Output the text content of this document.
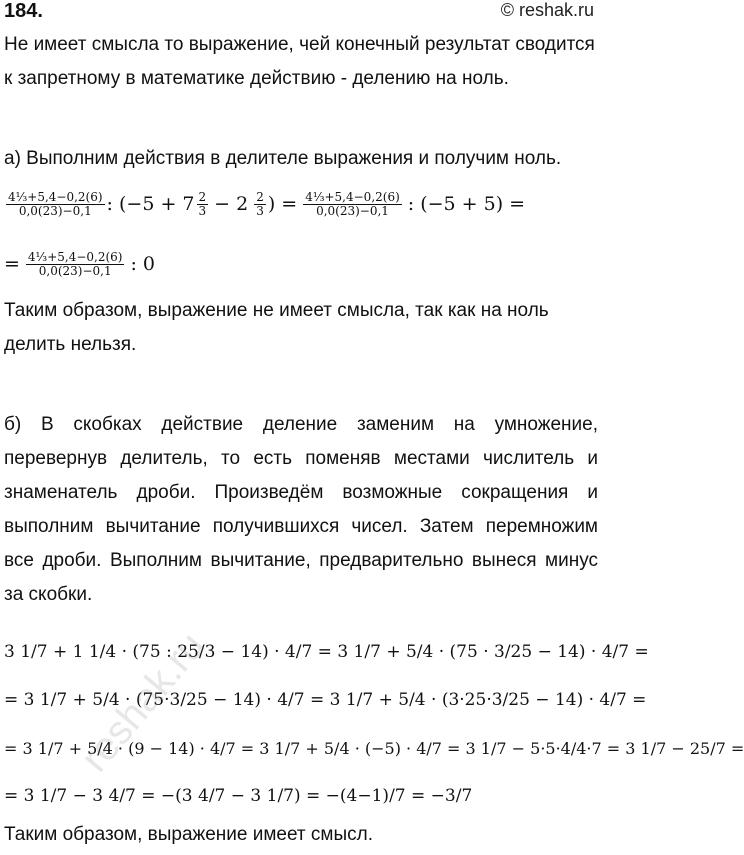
184.	© reshak.ru
Не имеет смысла то выражение, чей конечный результат сводится к запретному в математике действию - делению на ноль.
а) Выполним действия в делителе выражения и получим ноль.
$\frac{\text{4⅓+5,4−0,2(6)}}{0,0(23)-0,1}$ : (−5 + 7 2
3 − 2 2
3 ) = $\frac{\text{4⅓+5,4−0,2(6)}}{0,0(23)-0,1}$ : (−5 + 5) =
= $\frac{\text{4⅓+5,4−0,2(6)}}{0,0(23)-0,1}$ : 0
Таким образом, выражение не имеет смысла, так как на ноль делить нельзя.
б) В скобках действие деление заменим на умножение, перевернув делитель, то есть поменяв местами числитель и знаменатель дроби. Произведём возможные сокращения и выполним вычитание получившихся чисел. Затем перемножим все дроби. Выполним вычитание, предварительно вынеся минус за скобки.
3 1/7 + 1 1/4 · (75 : 25/3 − 14) · 4/7 = 3 1/7 + 5/4 · (75 · 3/25 − 14) · 4/7 =
= 3 1/7 + 5/4 · (75·3/25 − 14) · 4/7 = 3 1/7 + 5/4 · (3·25·3/25 − 14) · 4/7 =
= 3 1/7 + 5/4 · (9 − 14) · 4/7 = 3 1/7 + 5/4 · (−5) · 4/7 = 3 1/7 − 5·5·4/4·7 = 3 1/7 − 25/7 =
= 3 1/7 − 3 4/7 = −(3 4/7 − 3 1/7) = −(4−1)/7 = −3/7
Таким образом, выражение имеет смысл.
reshak.ru
